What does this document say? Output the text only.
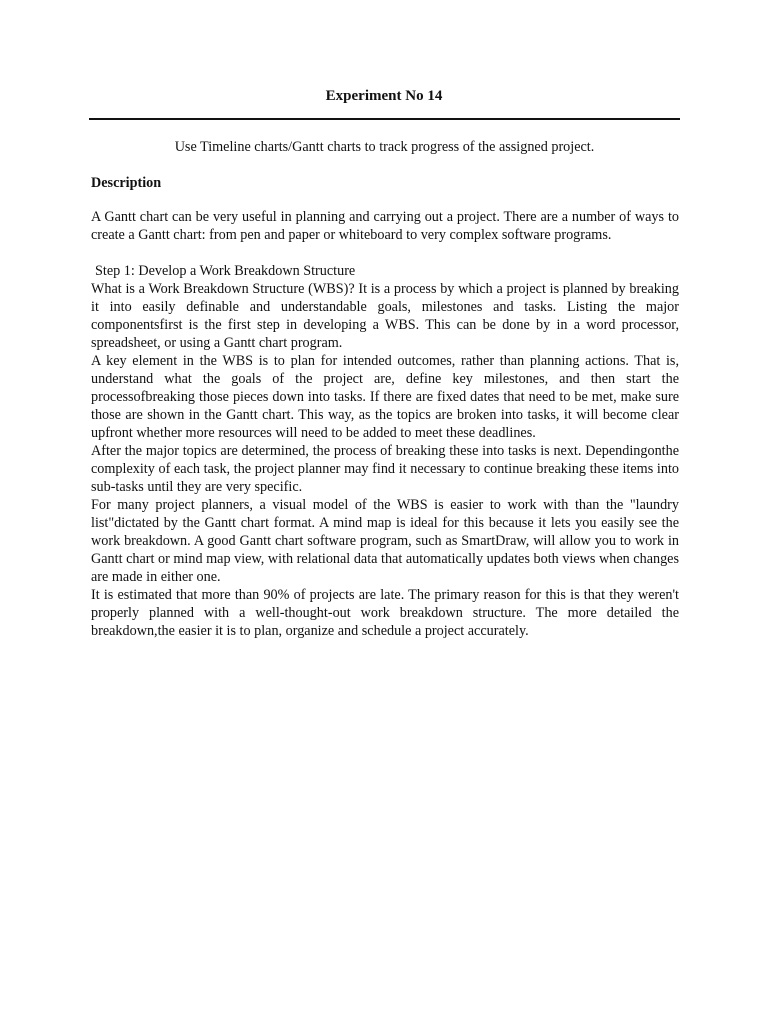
Experiment No 14
Use Timeline charts/Gantt charts to track progress of the assigned project.
Description

A Gantt chart can be very useful in planning and carrying out a project. There are a number of ways to create a Gantt chart: from pen and paper or whiteboard to very complex software programs.

Step 1: Develop a Work Breakdown Structure

What is a Work Breakdown Structure (WBS)? It is a process by which a project is planned by breaking it into easily definable and understandable goals, milestones and tasks. Listing the major componentsfirst is the first step in developing a WBS. This can be done by in a word processor, spreadsheet, or using a Gantt chart program.

A key element in the WBS is to plan for intended outcomes, rather than planning actions. That is, understand what the goals of the project are, define key milestones, and then start the processofbreaking those pieces down into tasks. If there are fixed dates that need to be met, make sure those are shown in the Gantt chart. This way, as the topics are broken into tasks, it will become clear upfront whether more resources will need to be added to meet these deadlines.

After the major topics are determined, the process of breaking these into tasks is next. Dependingonthe complexity of each task, the project planner may find it necessary to continue breaking these items into sub-tasks until they are very specific.

For many project planners, a visual model of the WBS is easier to work with than the "laundry list"dictated by the Gantt chart format. A mind map is ideal for this because it lets you easily see the work breakdown. A good Gantt chart software program, such as SmartDraw, will allow you to work in Gantt chart or mind map view, with relational data that automatically updates both views when changes are made in either one.

It is estimated that more than 90% of projects are late. The primary reason for this is that they weren't properly planned with a well-thought-out work breakdown structure. The more detailed the breakdown,the easier it is to plan, organize and schedule a project accurately.
